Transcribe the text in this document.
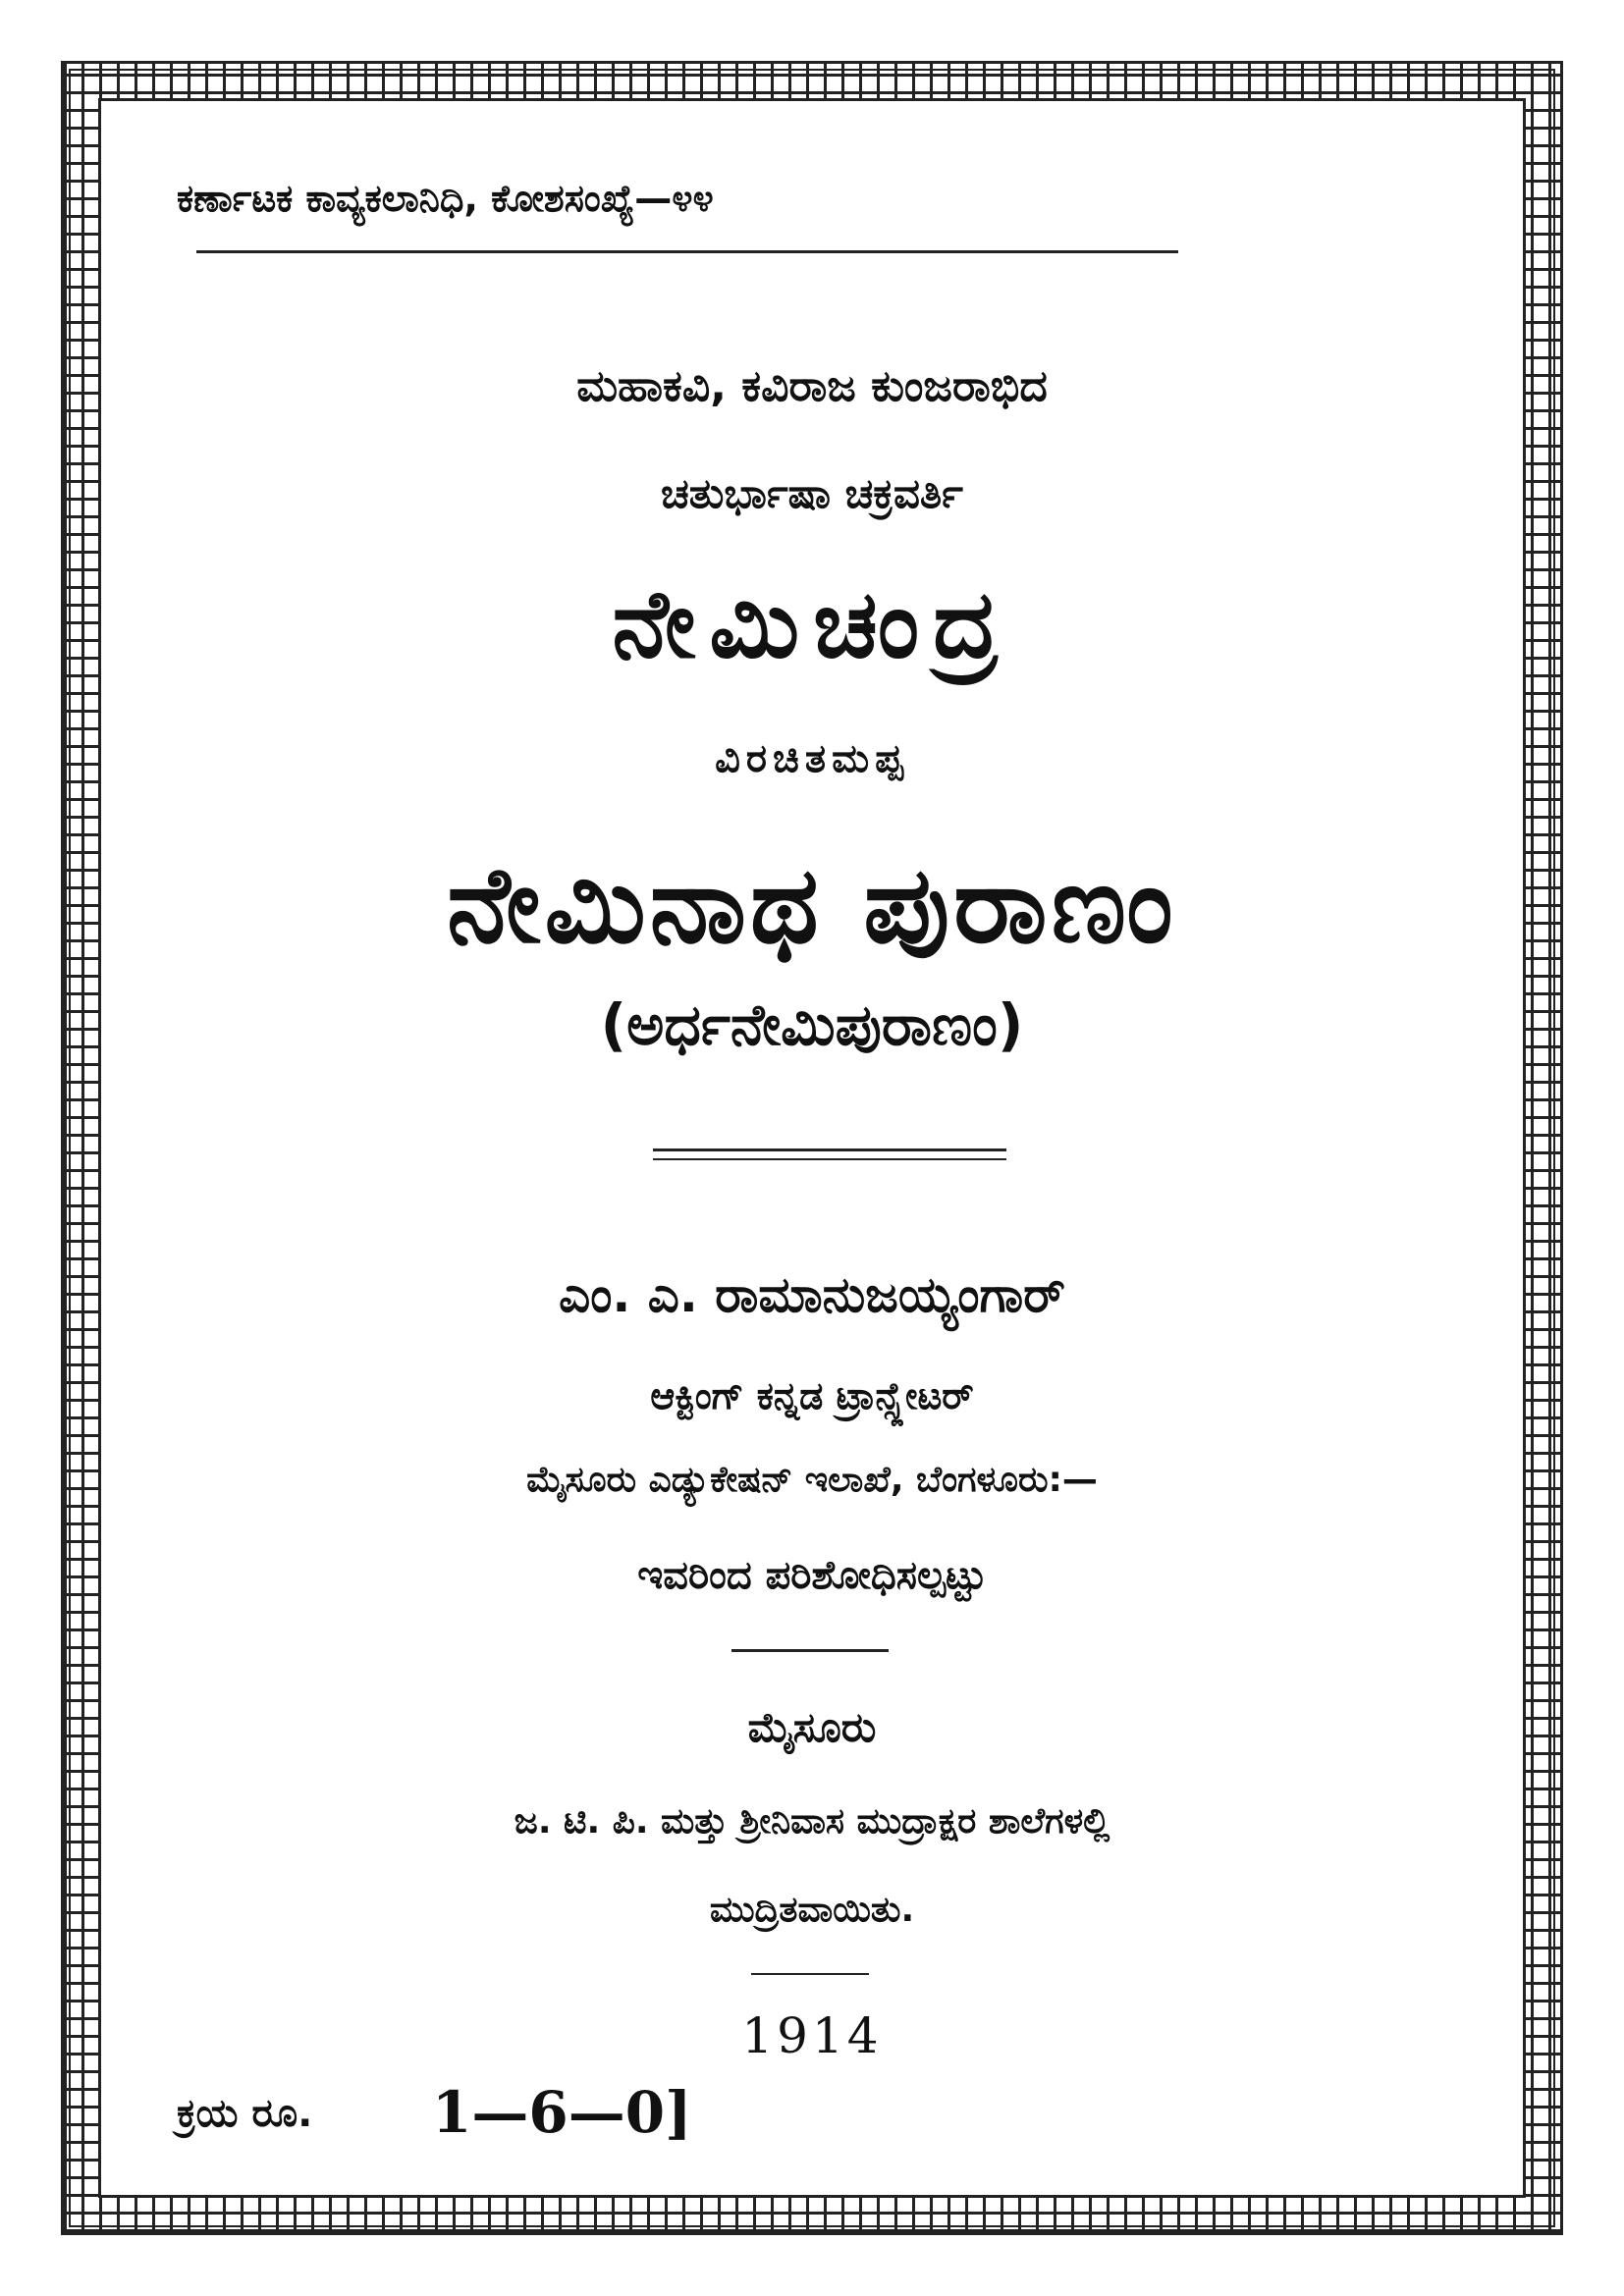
ಕರ್ಣಾಟಕ ಕಾವ್ಯಕಲಾನಿಧಿ, ಕೋಶಸಂಖ್ಯೆ—೪೪
ಮಹಾಕವಿ, ಕವಿರಾಜ ಕುಂಜರಾಭಿದ
ಚತುರ್ಭಾಷಾ ಚಕ್ರವರ್ತಿ
ನೇಮಿಚಂದ್ರ
ವಿರಚಿತಮಪ್ಪ
ನೇಮಿನಾಥ ಪುರಾಣಂ
(ಅರ್ಧನೇಮಿಪುರಾಣಂ)
ಎಂ. ಎ. ರಾಮಾನುಜಯ್ಯಂಗಾರ್
ಆಕ್ಟಿಂಗ್ ಕನ್ನಡ ಟ್ರಾನ್ಸ್ಲೇಟರ್
ಮೈಸೂರು ಎಡ್ಯುಕೇಷನ್ ಇಲಾಖೆ, ಬೆಂಗಳೂರು:—
ಇವರಿಂದ ಪರಿಶೋಧಿಸಲ್ಪಟ್ಟು
ಮೈಸೂರು
ಜ. ಟಿ. ಪಿ. ಮತ್ತು ಶ್ರೀನಿವಾಸ ಮುದ್ರಾಕ್ಷರ ಶಾಲೆಗಳಲ್ಲಿ
ಮುದ್ರಿತವಾಯಿತು.
1914
ಕ್ರಯ ರೂ. 1—6—0]
